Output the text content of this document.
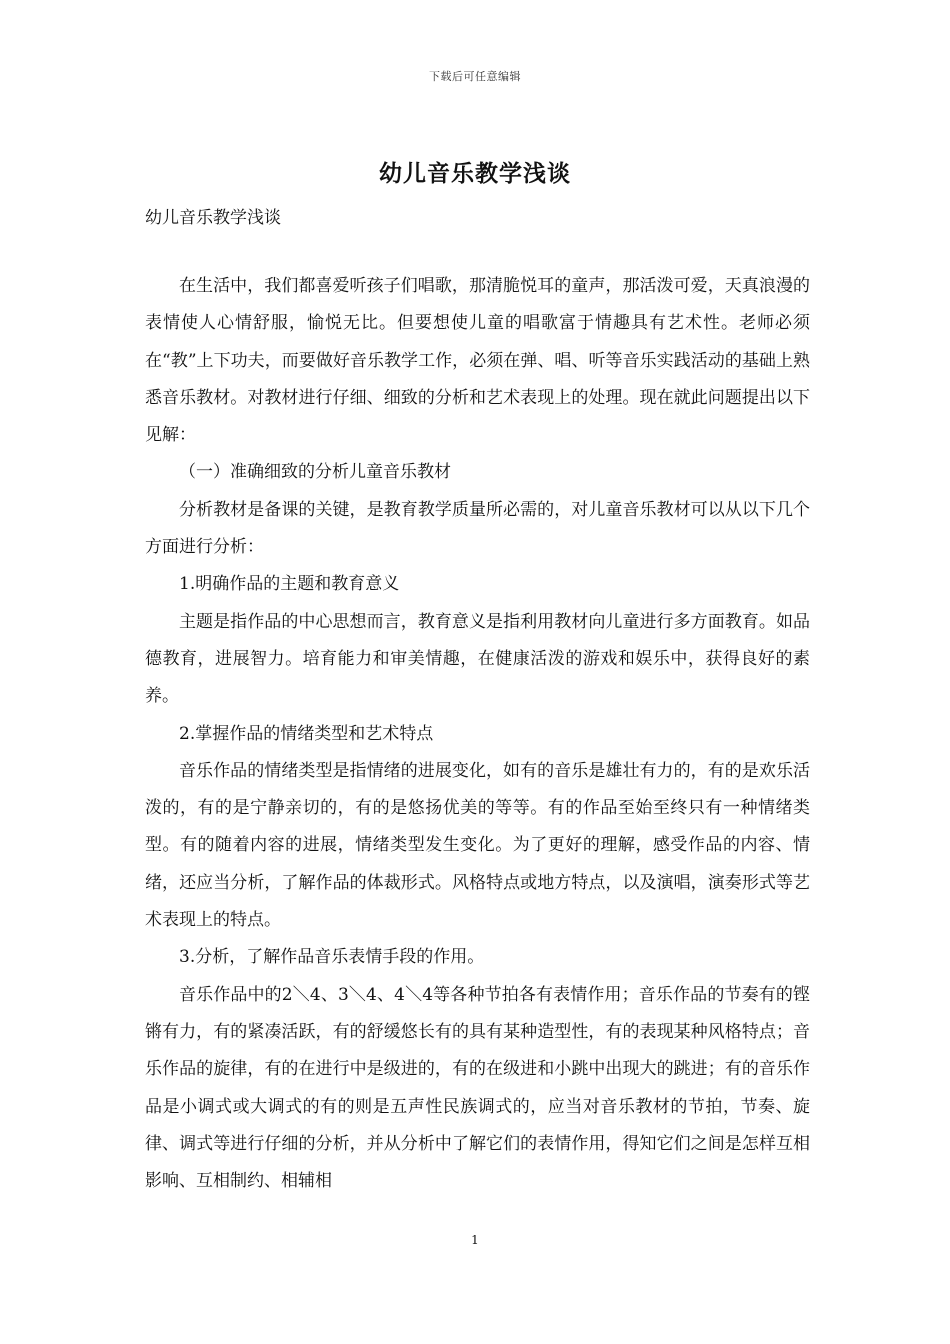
下载后可任意编辑
幼儿音乐教学浅谈
幼儿音乐教学浅谈

在生活中，我们都喜爱听孩子们唱歌，那清脆悦耳的童声，那活泼可爱，天真浪漫的表情使人心情舒服，愉悦无比。但要想使儿童的唱歌富于情趣具有艺术性。老师必须在“教”上下功夫，而要做好音乐教学工作，必须在弹、唱、听等音乐实践活动的基础上熟悉音乐教材。对教材进行仔细、细致的分析和艺术表现上的处理。现在就此问题提出以下见解：

（一）准确细致的分析儿童音乐教材

分析教材是备课的关键，是教育教学质量所必需的，对儿童音乐教材可以从以下几个方面进行分析：

1.明确作品的主题和教育意义

主题是指作品的中心思想而言，教育意义是指利用教材向儿童进行多方面教育。如品德教育，进展智力。培育能力和审美情趣，在健康活泼的游戏和娱乐中，获得良好的素养。

2.掌握作品的情绪类型和艺术特点

音乐作品的情绪类型是指情绪的进展变化，如有的音乐是雄壮有力的，有的是欢乐活泼的，有的是宁静亲切的，有的是悠扬优美的等等。有的作品至始至终只有一种情绪类型。有的随着内容的进展，情绪类型发生变化。为了更好的理解，感受作品的内容、情绪，还应当分析，了解作品的体裁形式。风格特点或地方特点，以及演唱，演奏形式等艺术表现上的特点。

3.分析，了解作品音乐表情手段的作用。

音乐作品中的2＼4、3＼4、4＼4等各种节拍各有表情作用；音乐作品的节奏有的铿锵有力，有的紧凑活跃，有的舒缓悠长有的具有某种造型性，有的表现某种风格特点；音乐作品的旋律，有的在进行中是级进的，有的在级进和小跳中出现大的跳进；有的音乐作品是小调式或大调式的有的则是五声性民族调式的，应当对音乐教材的节拍，节奏、旋律、调式等进行仔细的分析，并从分析中了解它们的表情作用，得知它们之间是怎样互相影响、互相制约、相辅相

1
